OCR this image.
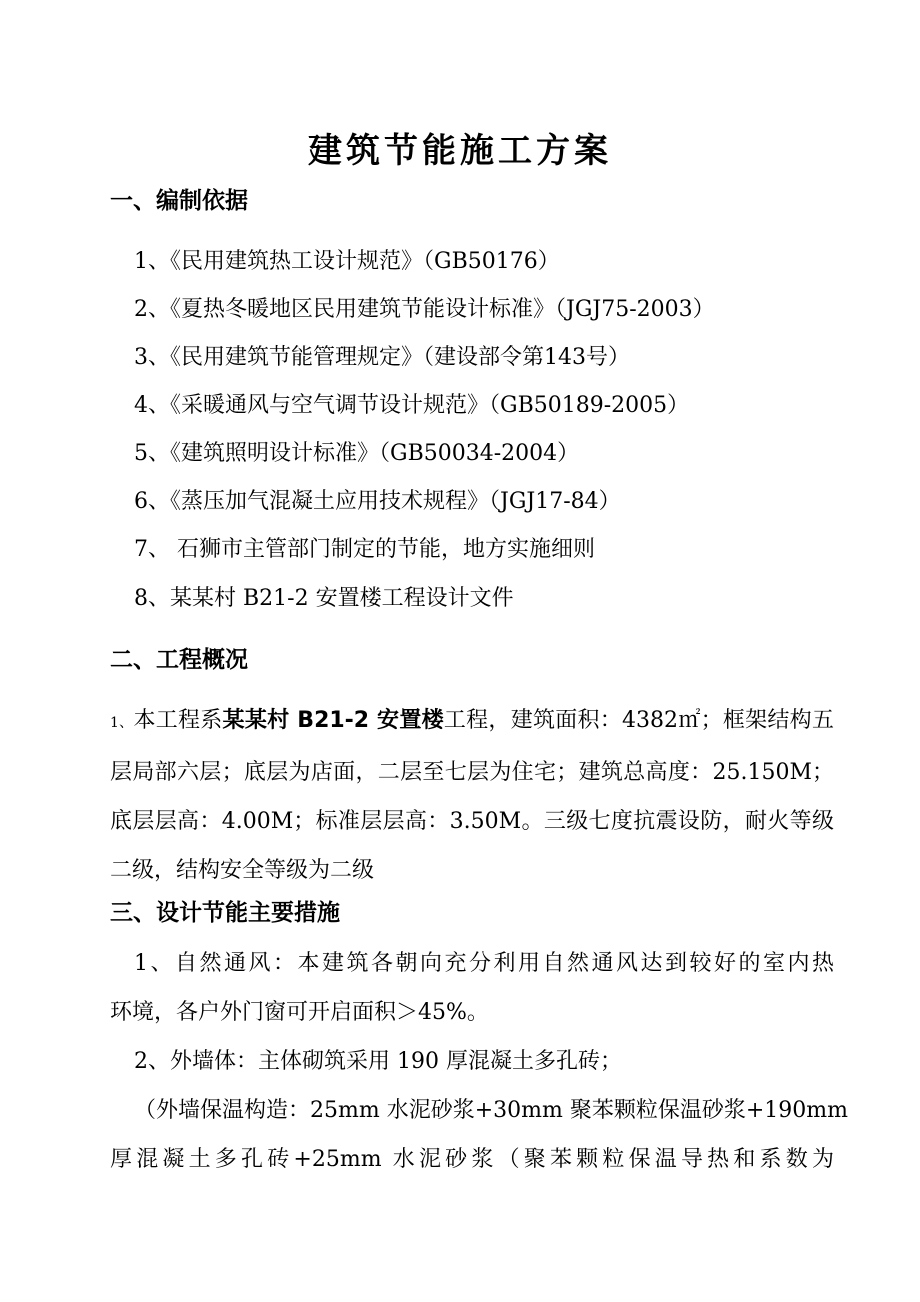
建筑节能施工方案
一、编制依据
1、《民用建筑热工设计规范》（GB50176）
2、《夏热冬暖地区民用建筑节能设计标准》（JGJ75-2003）
3、《民用建筑节能管理规定》（建设部令第143号）
4、《采暖通风与空气调节设计规范》（GB50189-2005）
5、《建筑照明设计标准》（GB50034-2004）
6、《蒸压加气混凝土应用技术规程》（JGJ17-84）
7、 石狮市主管部门制定的节能，地方实施细则
8、某某村 B21-2 安置楼工程设计文件
二、工程概况
1、本工程系某某村 B21-2 安置楼工程，建筑面积：4382㎡；框架结构五
层局部六层；底层为店面，二层至七层为住宅；建筑总高度：25.150M；
底层层高：4.00M；标准层层高：3.50M。三级七度抗震设防，耐火等级
二级，结构安全等级为二级
三、设计节能主要措施
1、自然通风：本建筑各朝向充分利用自然通风达到较好的室内热
环境，各户外门窗可开启面积＞45%。
2、外墙体：主体砌筑采用 190 厚混凝土多孔砖；
（外墙保温构造：25mm 水泥砂浆+30mm 聚苯颗粒保温砂浆+190mm
厚混凝土多孔砖+25mm 水泥砂浆（聚苯颗粒保温导热和系数为
